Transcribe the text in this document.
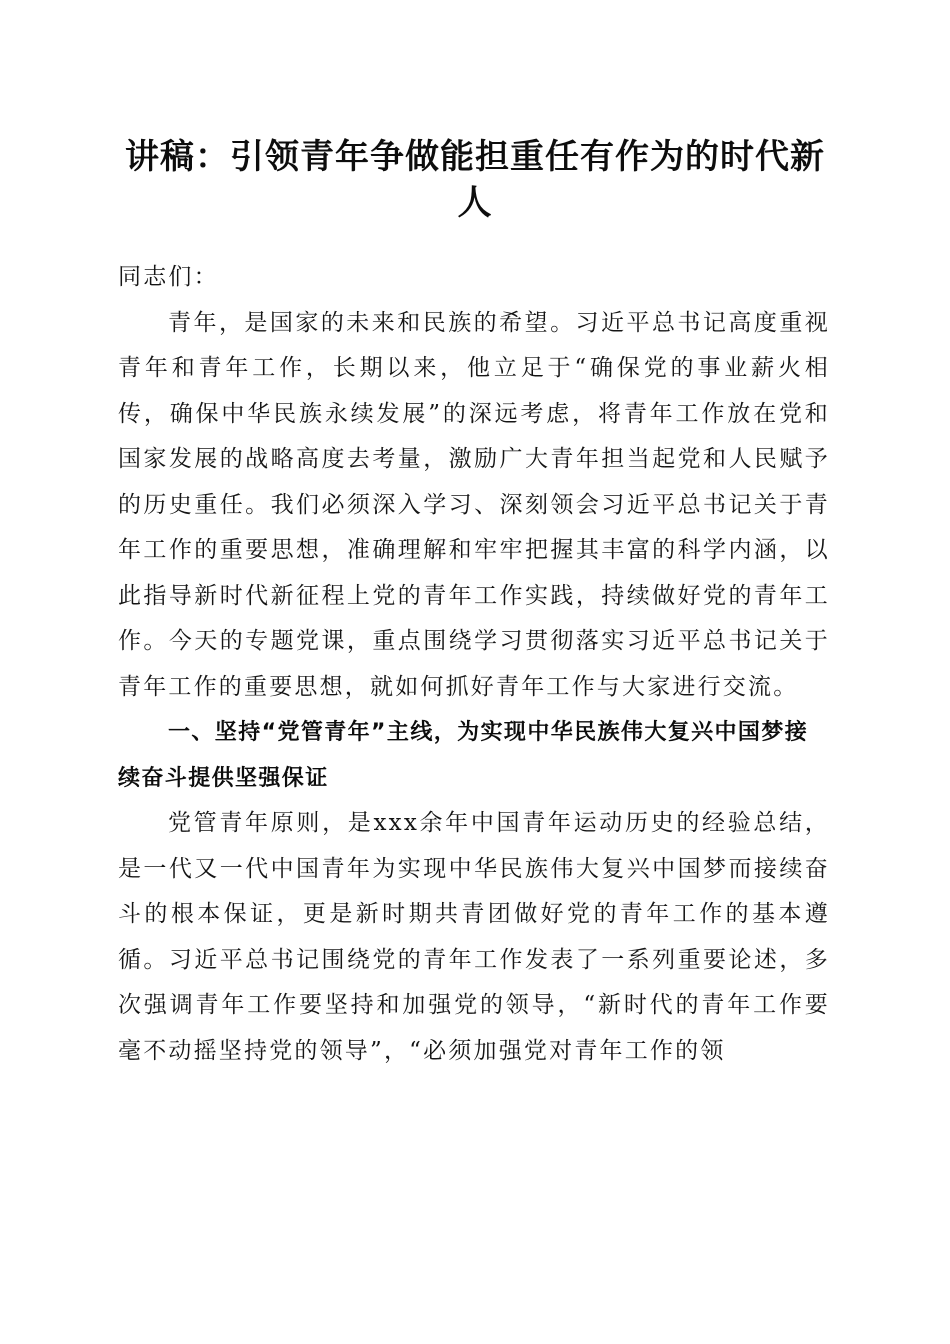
讲稿：引领青年争做能担重任有作为的时代新人

同志们：

青年，是国家的未来和民族的希望。习近平总书记高度重视青年和青年工作，长期以来，他立足于“确保党的事业薪火相传，确保中华民族永续发展”的深远考虑，将青年工作放在党和国家发展的战略高度去考量，激励广大青年担当起党和人民赋予的历史重任。我们必须深入学习、深刻领会习近平总书记关于青年工作的重要思想，准确理解和牢牢把握其丰富的科学内涵，以此指导新时代新征程上党的青年工作实践，持续做好党的青年工作。今天的专题党课，重点围绕学习贯彻落实习近平总书记关于青年工作的重要思想，就如何抓好青年工作与大家进行交流。

一、坚持“党管青年”主线，为实现中华民族伟大复兴中国梦接续奋斗提供坚强保证

党管青年原则，是xxx余年中国青年运动历史的经验总结，是一代又一代中国青年为实现中华民族伟大复兴中国梦而接续奋斗的根本保证，更是新时期共青团做好党的青年工作的基本遵循。习近平总书记围绕党的青年工作发表了一系列重要论述，多次强调青年工作要坚持和加强党的领导，“新时代的青年工作要毫不动摇坚持党的领导”，“必须加强党对青年工作的领
